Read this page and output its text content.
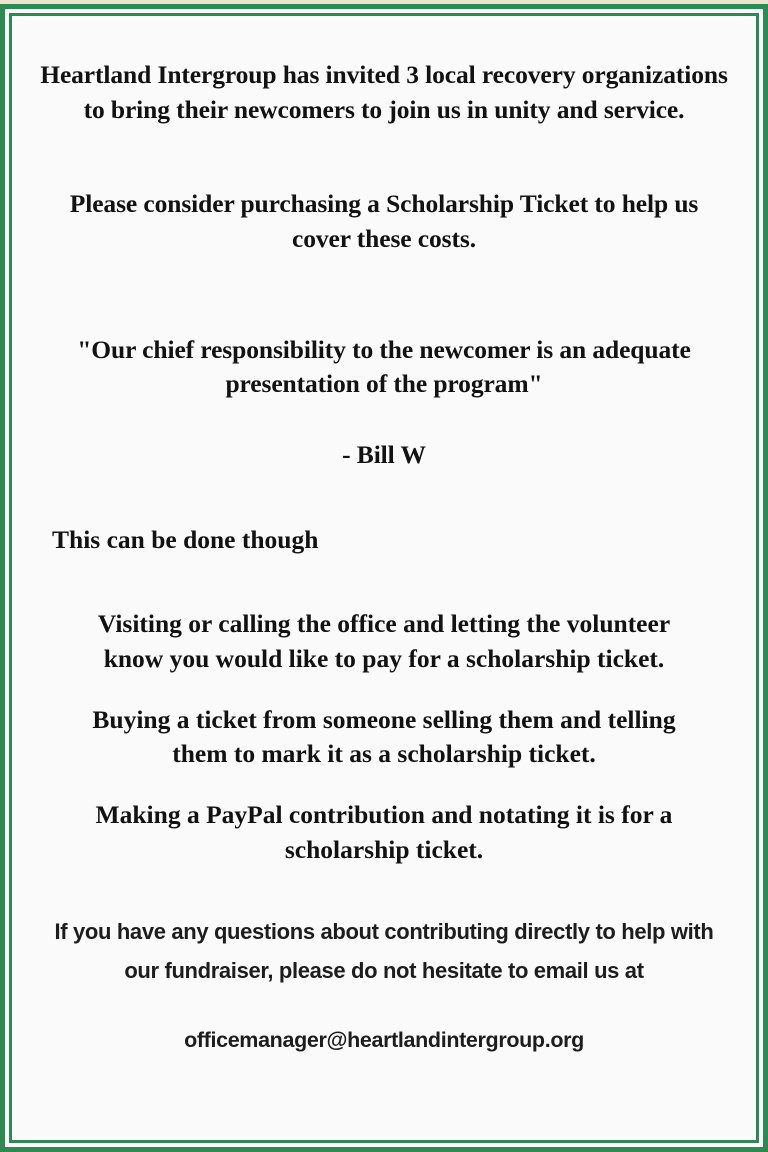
Heartland Intergroup has invited 3 local recovery organizations to bring their newcomers to join us in unity and service.

Please consider purchasing a Scholarship Ticket to help us cover these costs.

"Our chief responsibility to the newcomer is an adequate presentation of the program"

- Bill W

This can be done though

Visiting or calling the office and letting the volunteer know you would like to pay for a scholarship ticket.
Buying a ticket from someone selling them and telling them to mark it as a scholarship ticket.
Making a PayPal contribution and notating it is for a scholarship ticket.

If you have any questions about contributing directly to help with our fundraiser, please do not hesitate to email us at

officemanager@heartlandintergroup.org
